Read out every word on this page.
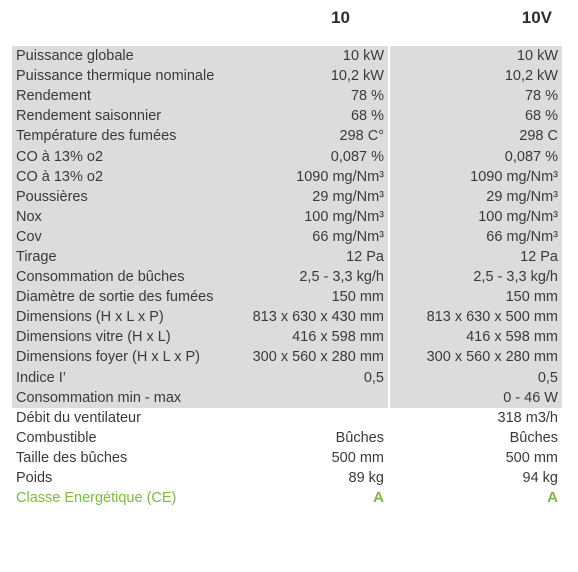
10	10V
Puissance globale	10 kW	10 kW
Puissance thermique nominale	10,2 kW	10,2 kW
Rendement	78 %	78 %
Rendement saisonnier	68 %	68 %
Température des fumées	298 C°	298 C
CO à 13% o2	0,087 %	0,087 %
CO à 13% o2	1090 mg/Nm³	1090 mg/Nm³
Poussières	29 mg/Nm³	29 mg/Nm³
Nox	100 mg/Nm³	100 mg/Nm³
Cov	66 mg/Nm³	66 mg/Nm³
Tirage	12 Pa	12 Pa
Consommation de bûches	2,5 - 3,3 kg/h	2,5 - 3,3 kg/h
Diamètre de sortie des fumées	150 mm	150 mm
Dimensions (H x L x P)	813 x 630 x 430 mm	813 x 630 x 500 mm
Dimensions vitre (H x L)	416 x 598 mm	416 x 598 mm
Dimensions foyer (H x L x P)	300 x 560 x 280 mm	300 x 560 x 280 mm
Indice I’	0,5	0,5
Consommation min - max		0 - 46 W
Débit du ventilateur		318 m3/h
Combustible	Bûches	Bûches
Taille des bûches	500 mm	500 mm
Poids	89 kg	94 kg
Classe Energétique (CE)	A	A
